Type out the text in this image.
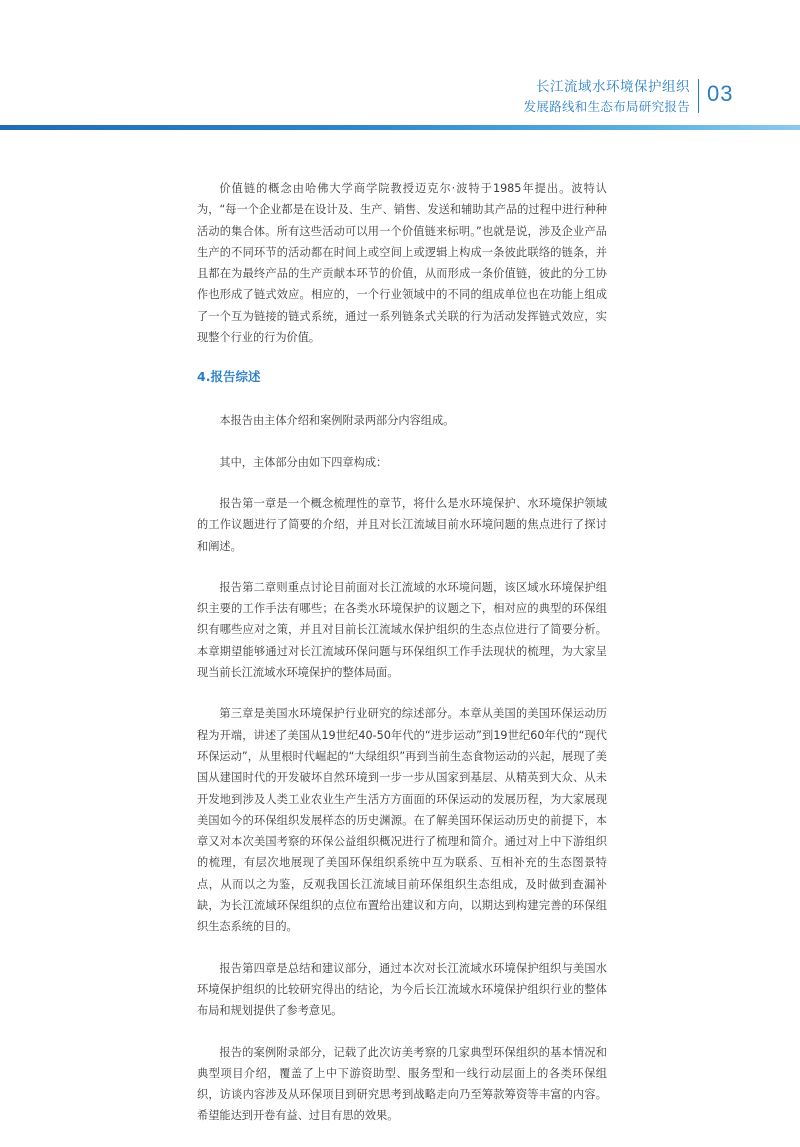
长江流域水环境保护组织
发展路线和生态布局研究报告
03

价值链的概念由哈佛大学商学院教授迈克尔·波特于1985年提出。波特认为，“每一个企业都是在设计及、生产、销售、发送和辅助其产品的过程中进行种种活动的集合体。所有这些活动可以用一个价值链来标明。”也就是说，涉及企业产品生产的不同环节的活动都在时间上或空间上或逻辑上构成一条彼此联络的链条，并且都在为最终产品的生产贡献本环节的价值，从而形成一条价值链，彼此的分工协作也形成了链式效应。相应的，一个行业领域中的不同的组成单位也在功能上组成了一个互为链接的链式系统，通过一系列链条式关联的行为活动发挥链式效应，实现整个行业的行为价值。

4.报告综述

本报告由主体介绍和案例附录两部分内容组成。

其中，主体部分由如下四章构成：

报告第一章是一个概念梳理性的章节，将什么是水环境保护、水环境保护领域的工作议题进行了简要的介绍，并且对长江流域目前水环境问题的焦点进行了探讨和阐述。

报告第二章则重点讨论目前面对长江流域的水环境问题，该区域水环境保护组织主要的工作手法有哪些；在各类水环境保护的议题之下，相对应的典型的环保组织有哪些应对之策，并且对目前长江流域水保护组织的生态点位进行了简要分析。本章期望能够通过对长江流域环保问题与环保组织工作手法现状的梳理，为大家呈现当前长江流域水环境保护的整体局面。

第三章是美国水环境保护行业研究的综述部分。本章从美国的美国环保运动历程为开端，讲述了美国从19世纪40-50年代的“进步运动”到19世纪60年代的“现代环保运动”，从里根时代崛起的“大绿组织”再到当前生态食物运动的兴起，展现了美国从建国时代的开发破坏自然环境到一步一步从国家到基层、从精英到大众、从未开发地到涉及人类工业农业生产生活方方面面的环保运动的发展历程，为大家展现美国如今的环保组织发展样态的历史渊源。在了解美国环保运动历史的前提下，本章又对本次美国考察的环保公益组织概况进行了梳理和简介。通过对上中下游组织的梳理，有层次地展现了美国环保组织系统中互为联系、互相补充的生态图景特点，从而以之为鉴，反观我国长江流域目前环保组织生态组成，及时做到查漏补缺，为长江流域环保组织的点位布置给出建议和方向，以期达到构建完善的环保组织生态系统的目的。

报告第四章是总结和建议部分，通过本次对长江流域水环境保护组织与美国水环境保护组织的比较研究得出的结论，为今后长江流域水环境保护组织行业的整体布局和规划提供了参考意见。

报告的案例附录部分，记载了此次访美考察的几家典型环保组织的基本情况和典型项目介绍，覆盖了上中下游资助型、服务型和一线行动层面上的各类环保组织，访谈内容涉及从环保项目到研究思考到战略走向乃至筹款筹资等丰富的内容。希望能达到开卷有益、过目有思的效果。
